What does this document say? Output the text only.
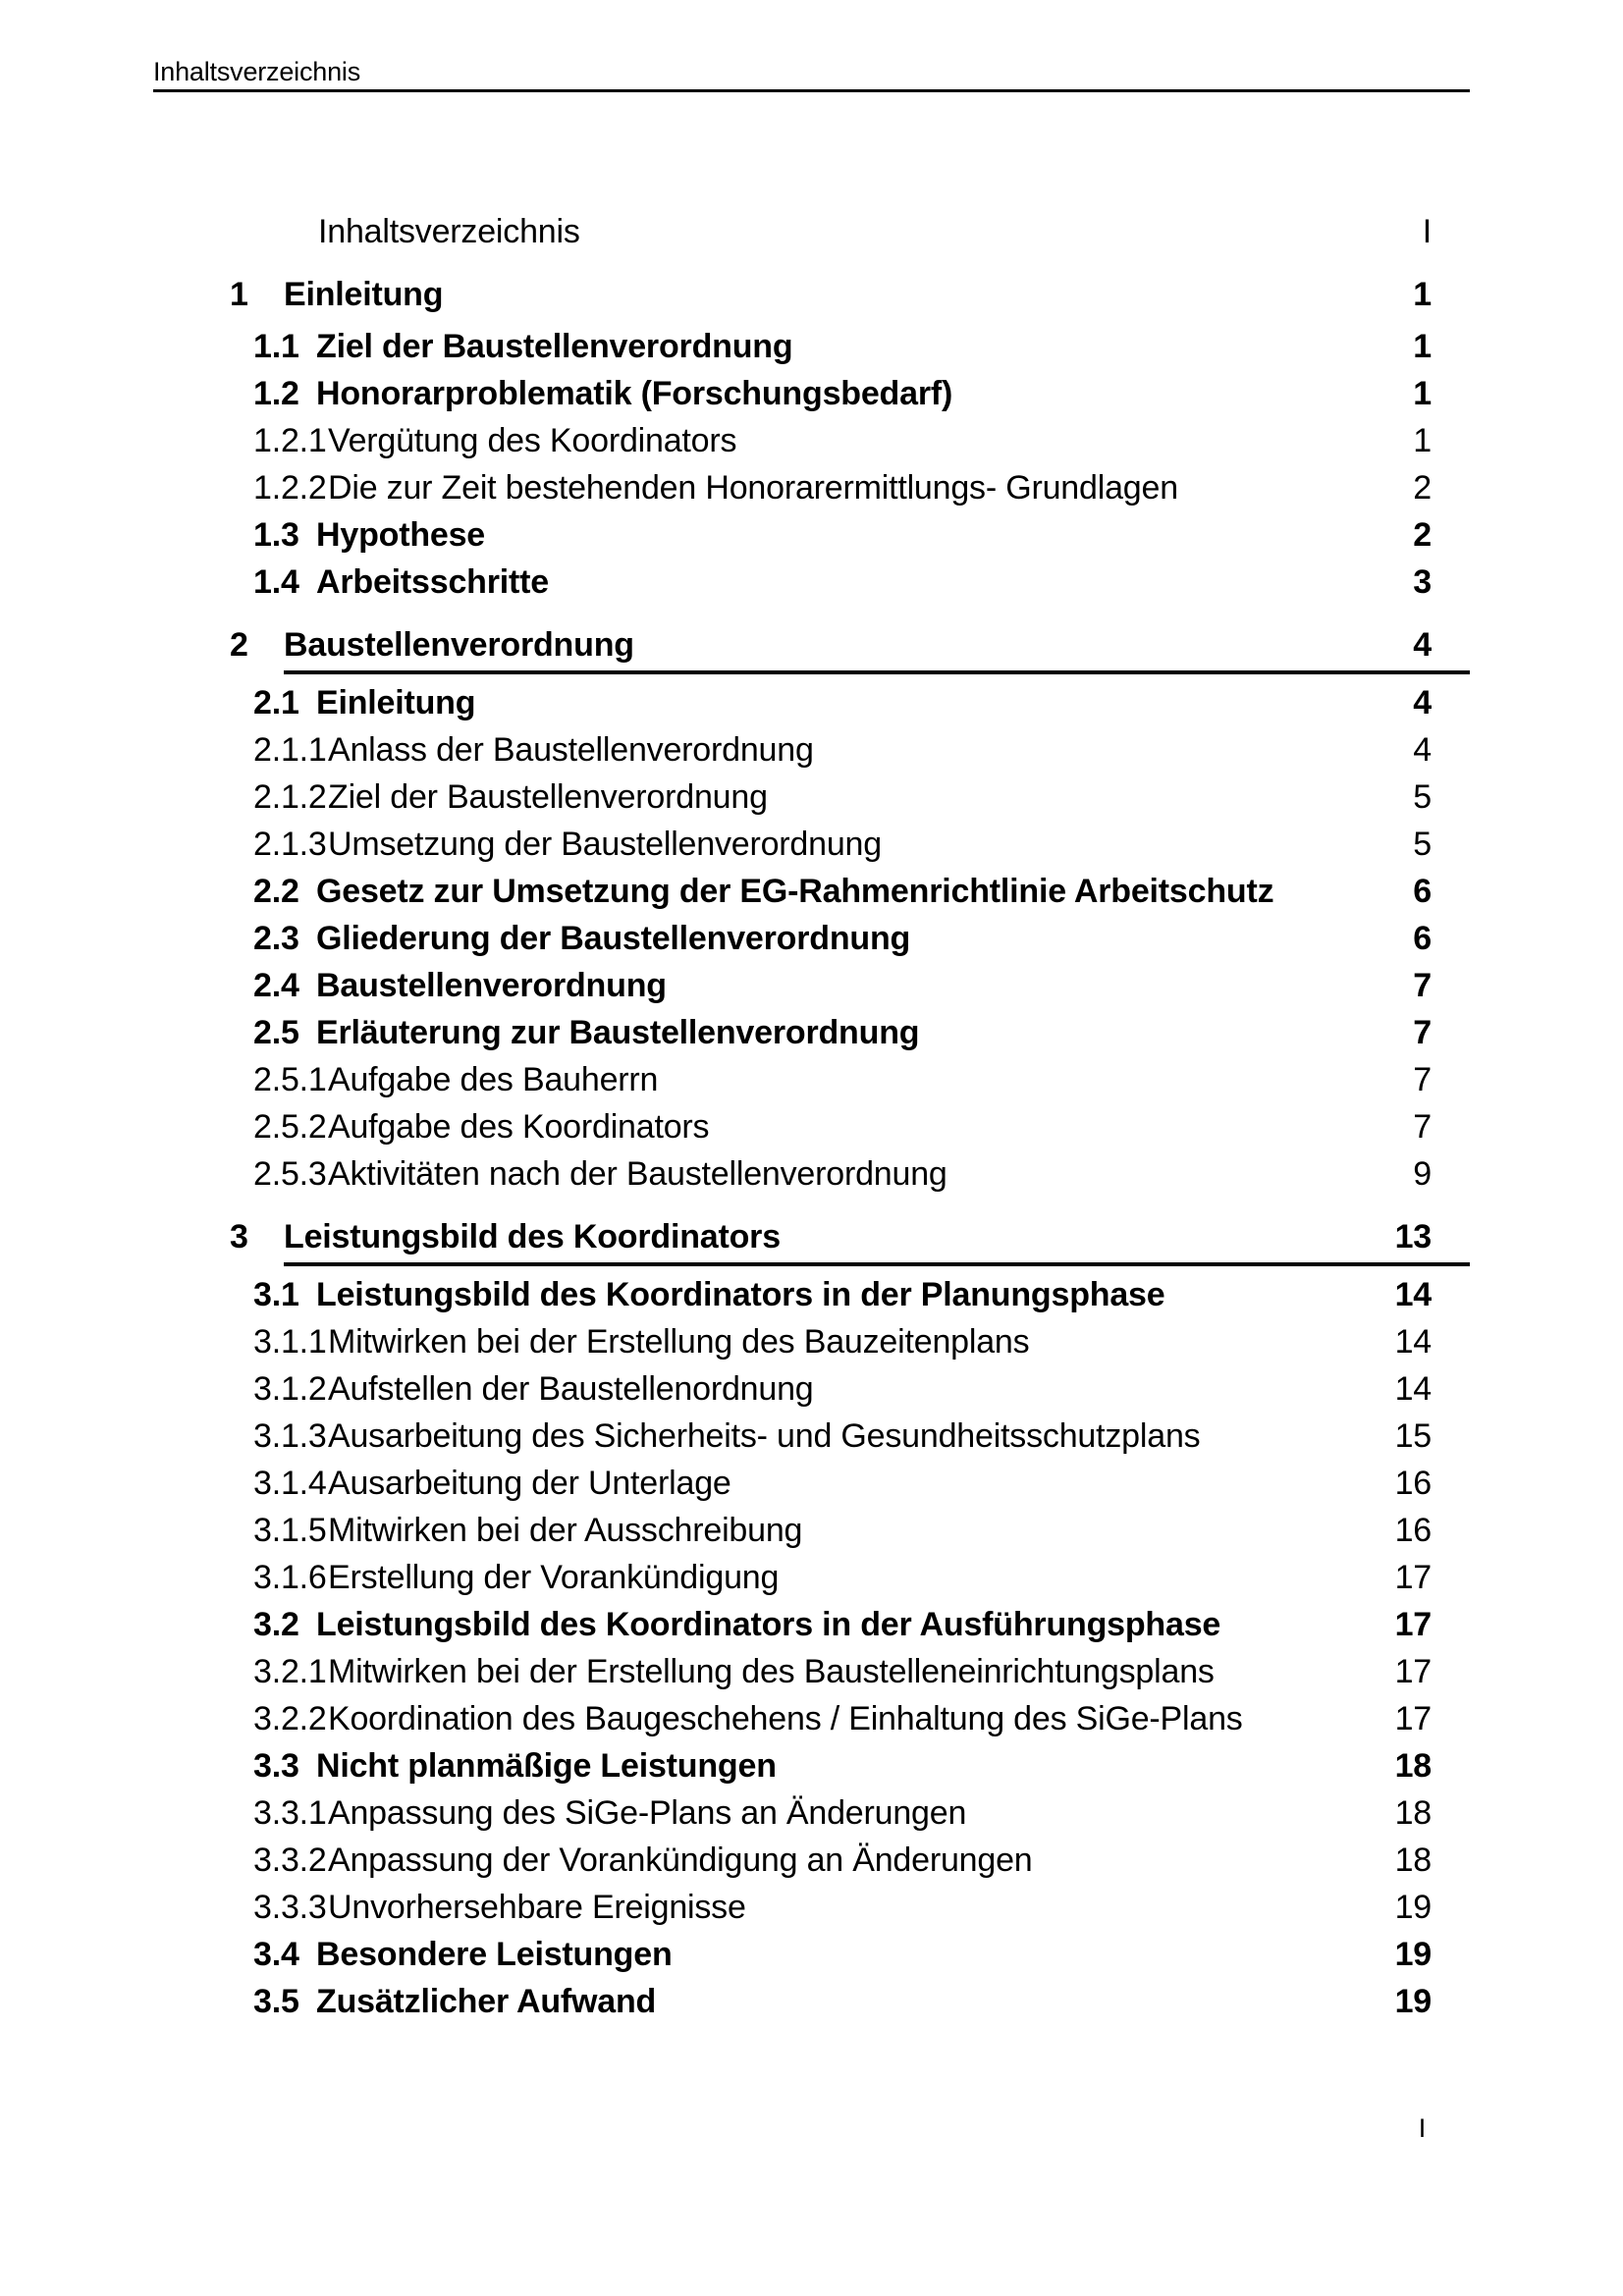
Inhaltsverzeichnis
Inhaltsverzeichnis	I
1	Einleitung	1
1.1 Ziel der Baustellenverordnung	1
1.2 Honorarproblematik (Forschungsbedarf)	1
1.2.1 Vergütung des Koordinators	1
1.2.2 Die zur Zeit bestehenden Honorarermittlungs- Grundlagen	2
1.3 Hypothese	2
1.4 Arbeitsschritte	3
2	Baustellenverordnung	4
2.1 Einleitung	4
2.1.1 Anlass der Baustellenverordnung	4
2.1.2 Ziel der Baustellenverordnung	5
2.1.3 Umsetzung der Baustellenverordnung	5
2.2 Gesetz zur Umsetzung der EG-Rahmenrichtlinie Arbeitschutz	6
2.3 Gliederung der Baustellenverordnung	6
2.4 Baustellenverordnung	7
2.5 Erläuterung zur Baustellenverordnung	7
2.5.1 Aufgabe des Bauherrn	7
2.5.2 Aufgabe des Koordinators	7
2.5.3 Aktivitäten nach der Baustellenverordnung	9
3	Leistungsbild des Koordinators	13
3.1 Leistungsbild des Koordinators in der Planungsphase	14
3.1.1 Mitwirken bei der Erstellung des Bauzeitenplans	14
3.1.2 Aufstellen der Baustellenordnung	14
3.1.3 Ausarbeitung des Sicherheits- und Gesundheitsschutzplans	15
3.1.4 Ausarbeitung der Unterlage	16
3.1.5 Mitwirken bei der Ausschreibung	16
3.1.6 Erstellung der Vorankündigung	17
3.2 Leistungsbild des Koordinators in der Ausführungsphase	17
3.2.1 Mitwirken bei der Erstellung des Baustelleneinrichtungsplans	17
3.2.2 Koordination des Baugeschehens / Einhaltung des SiGe-Plans	17
3.3 Nicht planmäßige Leistungen	18
3.3.1 Anpassung des SiGe-Plans an Änderungen	18
3.3.2 Anpassung der Vorankündigung an Änderungen	18
3.3.3 Unvorhersehbare Ereignisse	19
3.4 Besondere Leistungen	19
3.5 Zusätzlicher Aufwand	19
I
